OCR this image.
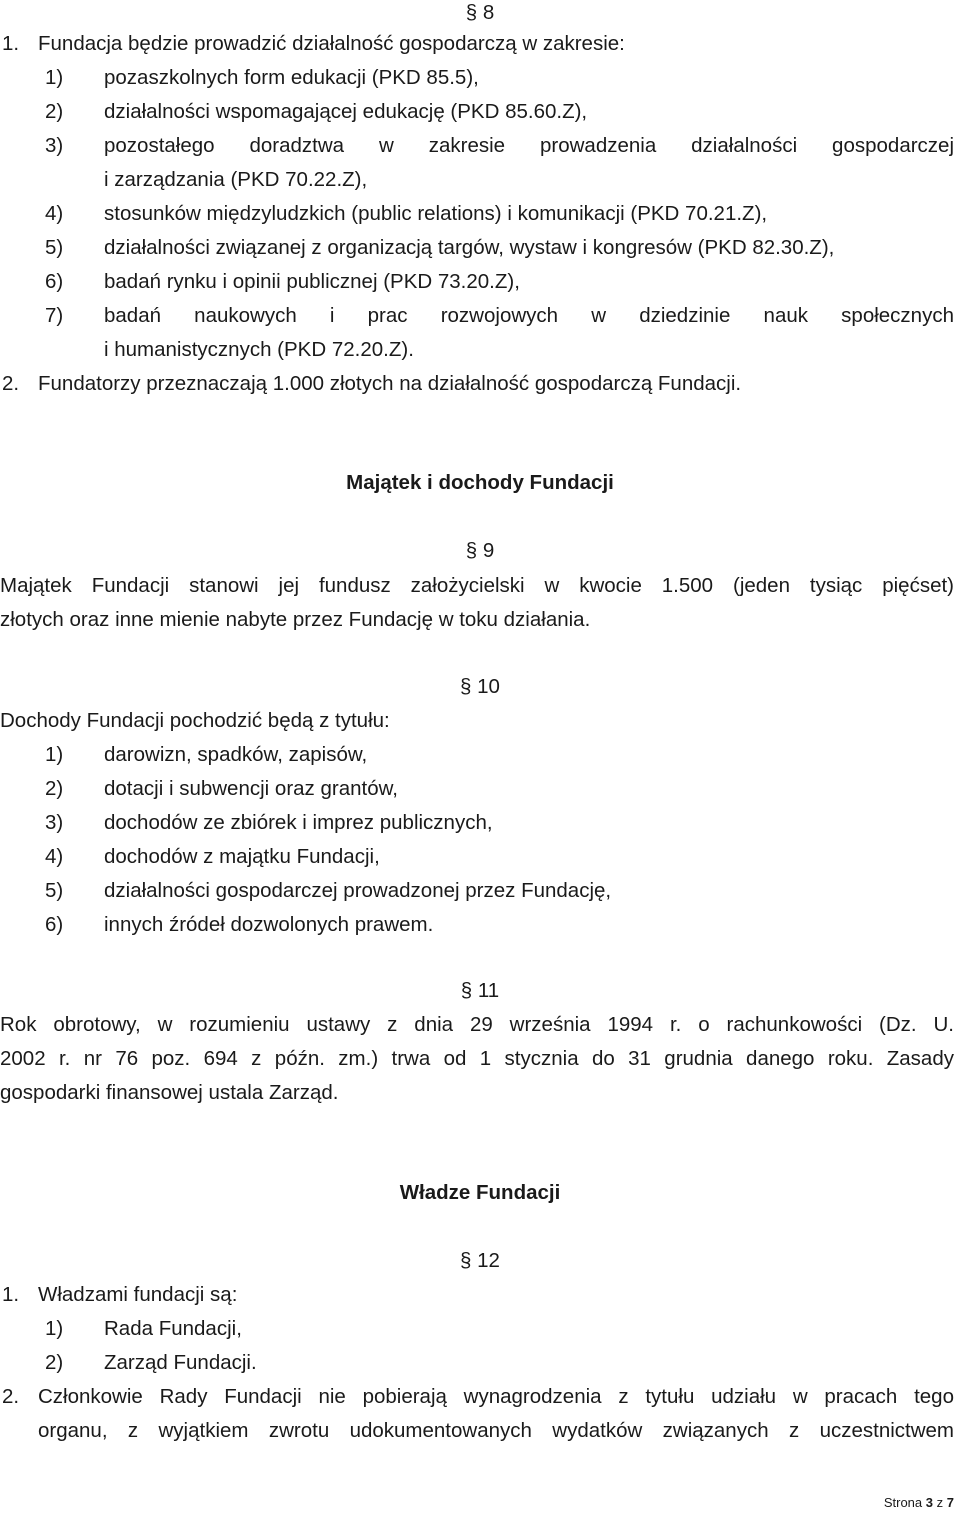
§ 8
1. Fundacja będzie prowadzić działalność gospodarczą w zakresie:
1) pozaszkolnych form edukacji (PKD 85.5),
2) działalności wspomagającej edukację (PKD 85.60.Z),
3) pozostałego doradztwa w zakresie prowadzenia działalności gospodarczej
i zarządzania (PKD 70.22.Z),
4) stosunków międzyludzkich (public relations) i komunikacji (PKD 70.21.Z),
5) działalności związanej z organizacją targów, wystaw i kongresów (PKD 82.30.Z),
6) badań rynku i opinii publicznej (PKD 73.20.Z),
7) badań naukowych i prac rozwojowych w dziedzinie nauk społecznych
i humanistycznych (PKD 72.20.Z).
2. Fundatorzy przeznaczają 1.000 złotych na działalność gospodarczą Fundacji.
Majątek i dochody Fundacji
§ 9
Majątek Fundacji stanowi jej fundusz założycielski w kwocie 1.500 (jeden tysiąc pięćset)
złotych oraz inne mienie nabyte przez Fundację w toku działania.
§ 10
Dochody Fundacji pochodzić będą z tytułu:
1) darowizn, spadków, zapisów,
2) dotacji i subwencji oraz grantów,
3) dochodów ze zbiórek i imprez publicznych,
4) dochodów z majątku Fundacji,
5) działalności gospodarczej prowadzonej przez Fundację,
6) innych źródeł dozwolonych prawem.
§ 11
Rok obrotowy, w rozumieniu ustawy z dnia 29 września 1994 r. o rachunkowości (Dz. U.
2002 r. nr 76 poz. 694 z późn. zm.) trwa od 1 stycznia do 31 grudnia danego roku. Zasady
gospodarki finansowej ustala Zarząd.
Władze Fundacji
§ 12
1. Władzami fundacji są:
1) Rada Fundacji,
2) Zarząd Fundacji.
2. Członkowie Rady Fundacji nie pobierają wynagrodzenia z tytułu udziału w pracach tego
organu, z wyjątkiem zwrotu udokumentowanych wydatków związanych z uczestnictwem
Strona 3 z 7
